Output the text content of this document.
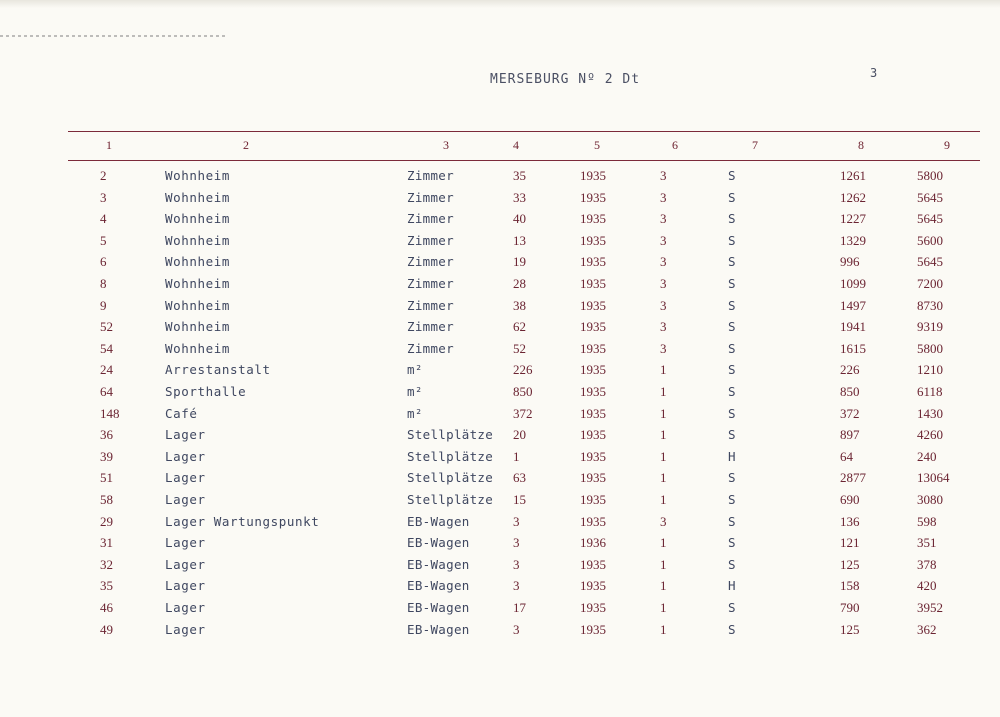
MERSEBURG Nº 2 Dt	3
1	2	3	4	5	6	7	8	9
2	Wohnheim	Zimmer	35	1935	3	S	1261	5800
3	Wohnheim	Zimmer	33	1935	3	S	1262	5645
4	Wohnheim	Zimmer	40	1935	3	S	1227	5645
5	Wohnheim	Zimmer	13	1935	3	S	1329	5600
6	Wohnheim	Zimmer	19	1935	3	S	996	5645
8	Wohnheim	Zimmer	28	1935	3	S	1099	7200
9	Wohnheim	Zimmer	38	1935	3	S	1497	8730
52	Wohnheim	Zimmer	62	1935	3	S	1941	9319
54	Wohnheim	Zimmer	52	1935	3	S	1615	5800
24	Arrestanstalt	m²	226	1935	1	S	226	1210
64	Sporthalle	m²	850	1935	1	S	850	6118
148	Café	m²	372	1935	1	S	372	1430
36	Lager	Stellplätze 20	1935	1	S	897	4260
39	Lager	Stellplätze 1	1935	1	H	64	240
51	Lager	Stellplätze 63	1935	1	S	2877	13064
58	Lager	Stellplätze 15	1935	1	S	690	3080
29	Lager Wartungspunkt	EB-Wagen	3	1935	3	S	136	598
31	Lager	EB-Wagen	3	1936	1	S	121	351
32	Lager	EB-Wagen	3	1935	1	S	125	378
35	Lager	EB-Wagen	3	1935	1	H	158	420
46	Lager	EB-Wagen	17	1935	1	S	790	3952
49	Lager	EB-Wagen	3	1935	1	S	125	362
